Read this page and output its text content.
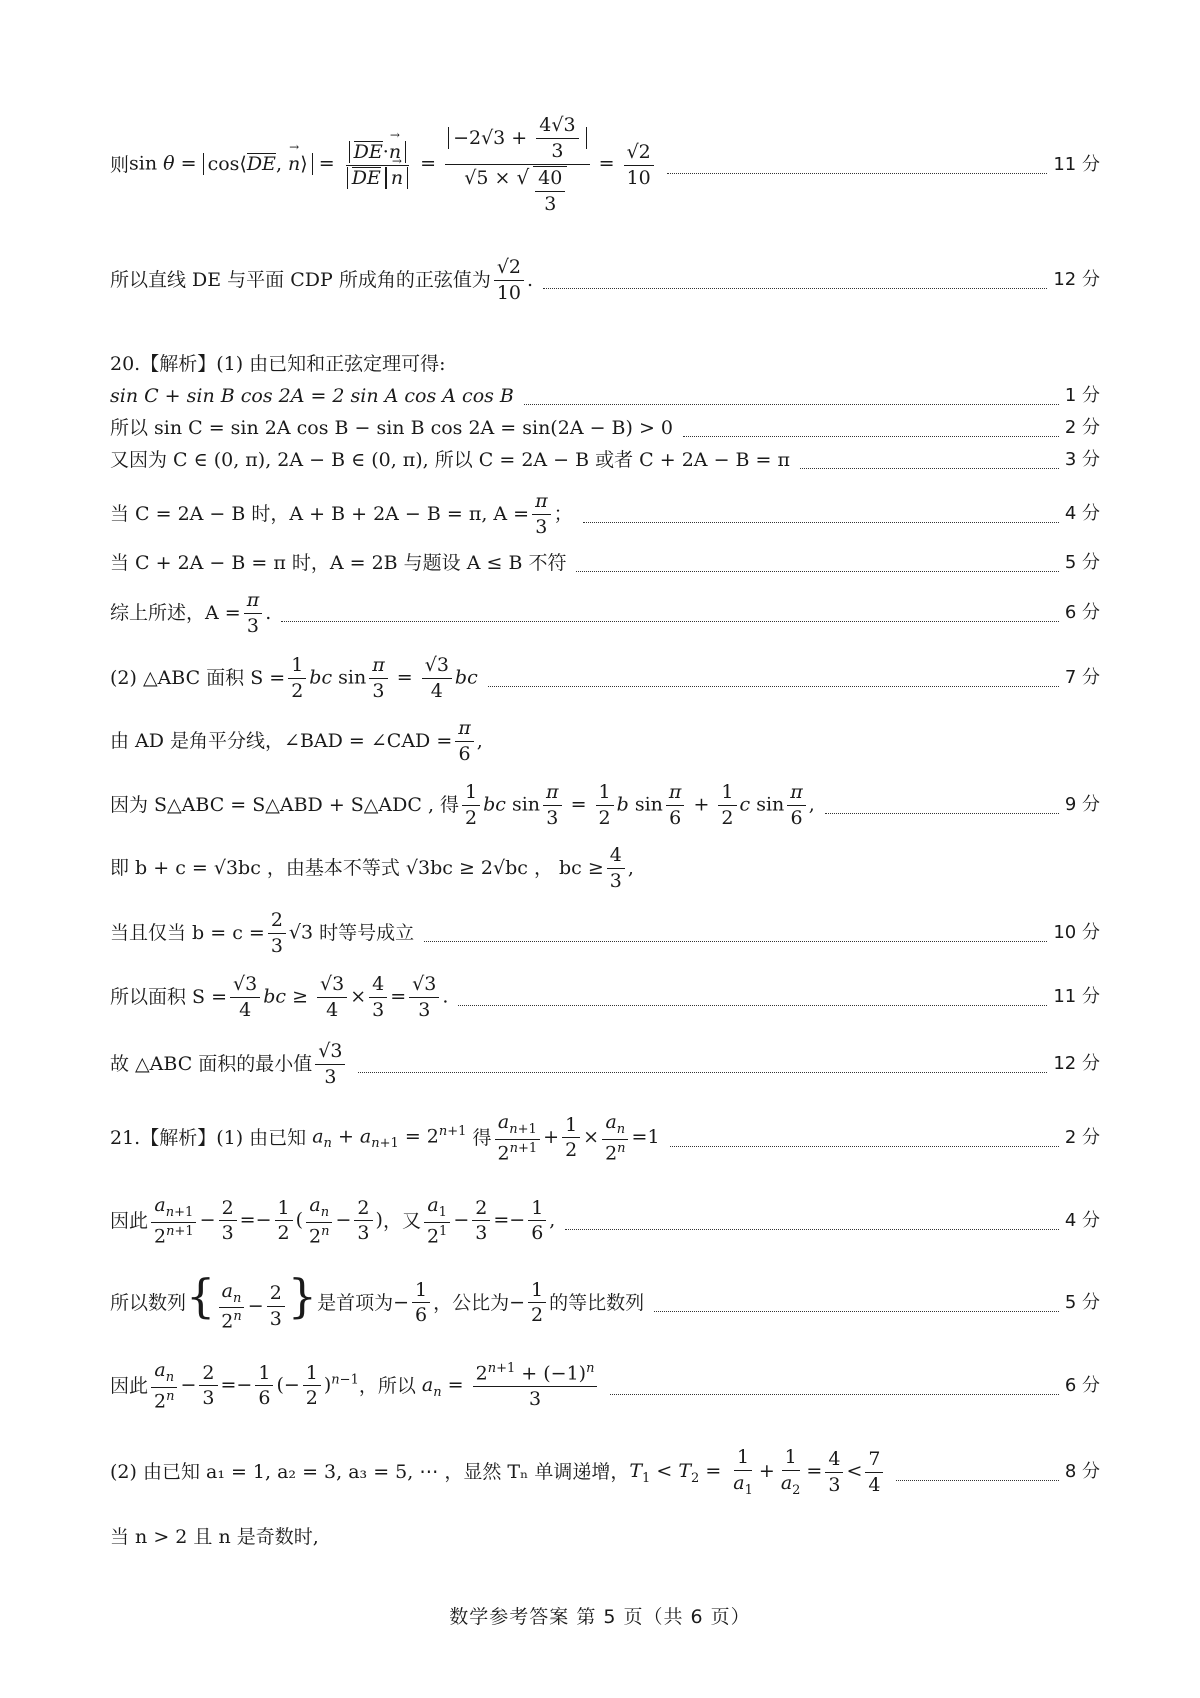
则 sin θ = cos⟨DE, → n⟩ = $\frac{DE\cdot\to n}{DE\to n} = \frac{-2√3 + \frac{4√3}{3}}{√5 \times √ \frac{40}{3}} = \frac{√2}{10}$	11 分
所以直线 DE 与平面 CDP 所成角的正弦值为 $\frac{√2}{10}$ .	12 分
20.【解析】(1) 由已知和正弦定理可得:
sin C + sin B cos 2A = 2 sin A cos A cos B	1 分
所以 sin C = sin 2A cos B − sin B cos 2A = sin(2A − B) > 0	2 分
又因为 C ∈ (0, π), 2A − B ∈ (0, π), 所以 C = 2A − B 或者 C + 2A − B = π	3 分
当 C = 2A − B 时，A + B + 2A − B = π, $A = \frac{\pi}{3}$ ；	4 分
当 C + 2A − B = π 时，A = 2B 与题设 A ≤ B 不符	5 分
综上所述，$A = \frac{\pi}{3}$ .	6 分
(2) △ABC 面积 $S = \frac{1}{2}$ bc $\sin \frac{\pi}{3} = \frac{√3}{4}$ bc	7 分
由 AD 是角平分线，∠BAD = ∠CAD = $\frac{\pi}{6}$ ,
因为 S△ABC = S△ABD + S△ADC , 得 $\frac{1}{2}$ bc $\sin \frac{\pi}{3} = \frac{1}{2}$ b $\sin \frac{\pi}{6} + \frac{1}{2}$ c $\sin \frac{\pi}{6}$ ,	9 分
即 b + c = √3bc ，由基本不等式 √3bc ≥ 2√bc ， bc ≥ $\frac{4}{3}$ ,
当且仅当 $b = c = \frac{2}{3} √3$ 时等号成立	10 分
所以面积 $S = \frac{√3}{4}$ bc ≥ $\frac{√3}{4} \times \frac{4}{3} = \frac{√3}{3}$ .	11 分
故 △ABC 面积的最小值 $\frac{√3}{3}$	12 分
21.【解析】(1) 由已知 $a_n + a_{n+1} = 2^{n+1}$ 得 $\frac{a_{n+1}}{2^{n+1}} + \frac{1}{2} \times \frac{a_n}{2^n} =1$	2 分
因此 $\frac{a_{n+1}}{2^{n+1}} - \frac{2}{3} =- \frac{1}{2}$ ( $\frac{a_n}{2^n} - \frac{2}{3}$ ) ，又 $\frac{a_1}{2^1} - \frac{2}{3} =- \frac{1}{6}$ ,	4 分
所以数列 { $\frac{a_n}{2^n} - \frac{2}{3}$ } 是首项为 − $\frac{1}{6}$ ，公比为 − $\frac{1}{2}$ 的等比数列	5 分
因此 $\frac{a_n}{2^n} - \frac{2}{3} =- \frac{1}{6}$ (− $\frac{1}{2} )^{n-1}$ ，所以 $a_n = \frac{2^{n+1} + (-1)^n}{3}$	6 分
(2) 由已知 a₁ = 1, a₂ = 3, a₃ = 5, ⋯ ，显然 Tₙ 单调递增， $T_1 < T_2 = \frac{1}{a_1} + \frac{1}{a_2} = \frac{4}{3} < \frac{7}{4}$	8 分
当 n > 2 且 n 是奇数时,
数学参考答案 第 5 页（共 6 页）
